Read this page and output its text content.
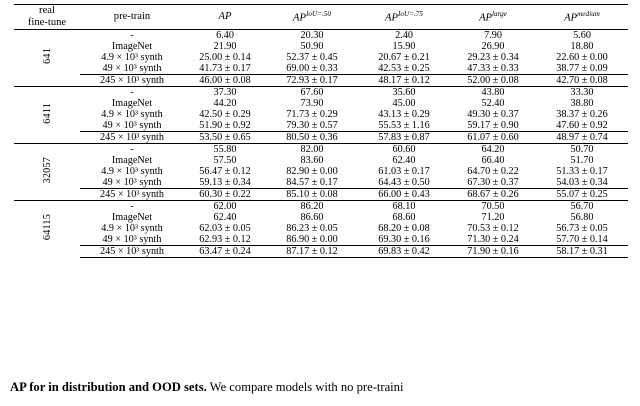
real
fine-tune	pre-train	AP	$AP^{IoU=.50}$	$AP^{IoU=.75}$	$AP^{large}$	$AP^{medium}$
641	-	6.40	20.30	2.40	7.90	5.60
	ImageNet	21.90	50.90	15.90	26.90	18.80
	4.9 × 10³ synth	25.00 ± 0.14	52.37 ± 0.45	20.67 ± 0.21	29.23 ± 0.34	22.60 ± 0.00
	49 × 10³ synth	41.73 ± 0.17	69.00 ± 0.33	42.53 ± 0.25	47.33 ± 0.33	38.77 ± 0.09
	245 × 10³ synth	46.00 ± 0.08	72.93 ± 0.17	48.17 ± 0.12	52.00 ± 0.08	42.70 ± 0.08
6411	-	37.30	67.60	35.60	43.80	33.30
	ImageNet	44.20	73.90	45.00	52.40	38.80
	4.9 × 10³ synth	42.50 ± 0.29	71.73 ± 0.29	43.13 ± 0.29	49.30 ± 0.37	38.37 ± 0.26
	49 × 10³ synth	51.90 ± 0.92	79.30 ± 0.57	55.53 ± 1.16	59.17 ± 0.90	47.60 ± 0.92
	245 × 10³ synth	53.50 ± 0.65	80.50 ± 0.36	57.83 ± 0.87	61.07 ± 0.60	48.97 ± 0.74
32057	-	55.80	82.00	60.60	64.20	50.70
	ImageNet	57.50	83.60	62.40	66.40	51.70
	4.9 × 10³ synth	56.47 ± 0.12	82.90 ± 0.00	61.03 ± 0.17	64.70 ± 0.22	51.33 ± 0.17
	49 × 10³ synth	59.13 ± 0.34	84.57 ± 0.17	64.43 ± 0.50	67.30 ± 0.37	54.03 ± 0.34
	245 × 10³ synth	60.30 ± 0.22	85.10 ± 0.08	66.00 ± 0.43	68.67 ± 0.26	55.07 ± 0.25
64115	-	62.00	86.20	68.10	70.50	56.70
	ImageNet	62.40	86.60	68.60	71.20	56.80
	4.9 × 10³ synth	62.03 ± 0.05	86.23 ± 0.05	68.20 ± 0.08	70.53 ± 0.12	56.73 ± 0.05
	49 × 10³ synth	62.93 ± 0.12	86.90 ± 0.00	69.30 ± 0.16	71.30 ± 0.24	57.70 ± 0.14
	245 × 10³ synth	63.47 ± 0.24	87.17 ± 0.12	69.83 ± 0.42	71.90 ± 0.16	58.17 ± 0.31
AP for in distribution and OOD sets. We compare models with no pre-traini
